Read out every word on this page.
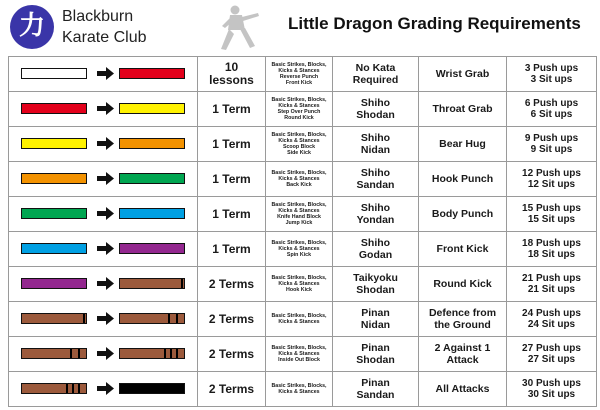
力 Blackburn
Karate Club
Little Dragon Grading Requirements

10
lessons	Basic Strikes, Blocks,
Kicks & Stances
Reverse Punch
Front Kick	No Kata
Required	Wrist Grab	3 Push ups
3 Sit ups

1 Term	Basic Strikes, Blocks,
Kicks & Stances
Step Over Punch
Round Kick	Shiho
Shodan	Throat Grab	6 Push ups
6 Sit ups

1 Term	Basic Strikes, Blocks,
Kicks & Stances
Scoop Block
Side Kick	Shiho
Nidan	Bear Hug	9 Push ups
9 Sit ups

1 Term	Basic Strikes, Blocks,
Kicks & Stances
Back Kick	Shiho
Sandan	Hook Punch	12 Push ups
12 Sit ups

1 Term	Basic Strikes, Blocks,
Kicks & Stances
Knife Hand Block
Jump Kick	Shiho
Yondan	Body Punch	15 Push ups
15 Sit ups

1 Term	Basic Strikes, Blocks,
Kicks & Stances
Spin Kick	Shiho
Godan	Front Kick	18 Push ups
18 Sit ups

2 Terms	Basic Strikes, Blocks,
Kicks & Stances
Hook Kick	Taikyoku
Shodan	Round Kick	21 Push ups
21 Sit ups

2 Terms	Basic Strikes, Blocks,
Kicks & Stances	Pinan
Nidan	Defence from
the Ground	24 Push ups
24 Sit ups

2 Terms	Basic Strikes, Blocks,
Kicks & Stances
Inside Out Block	Pinan
Shodan	2 Against 1
Attack	27 Push ups
27 Sit ups

2 Terms	Basic Strikes, Blocks,
Kicks & Stances	Pinan
Sandan	All Attacks	30 Push ups
30 Sit ups
